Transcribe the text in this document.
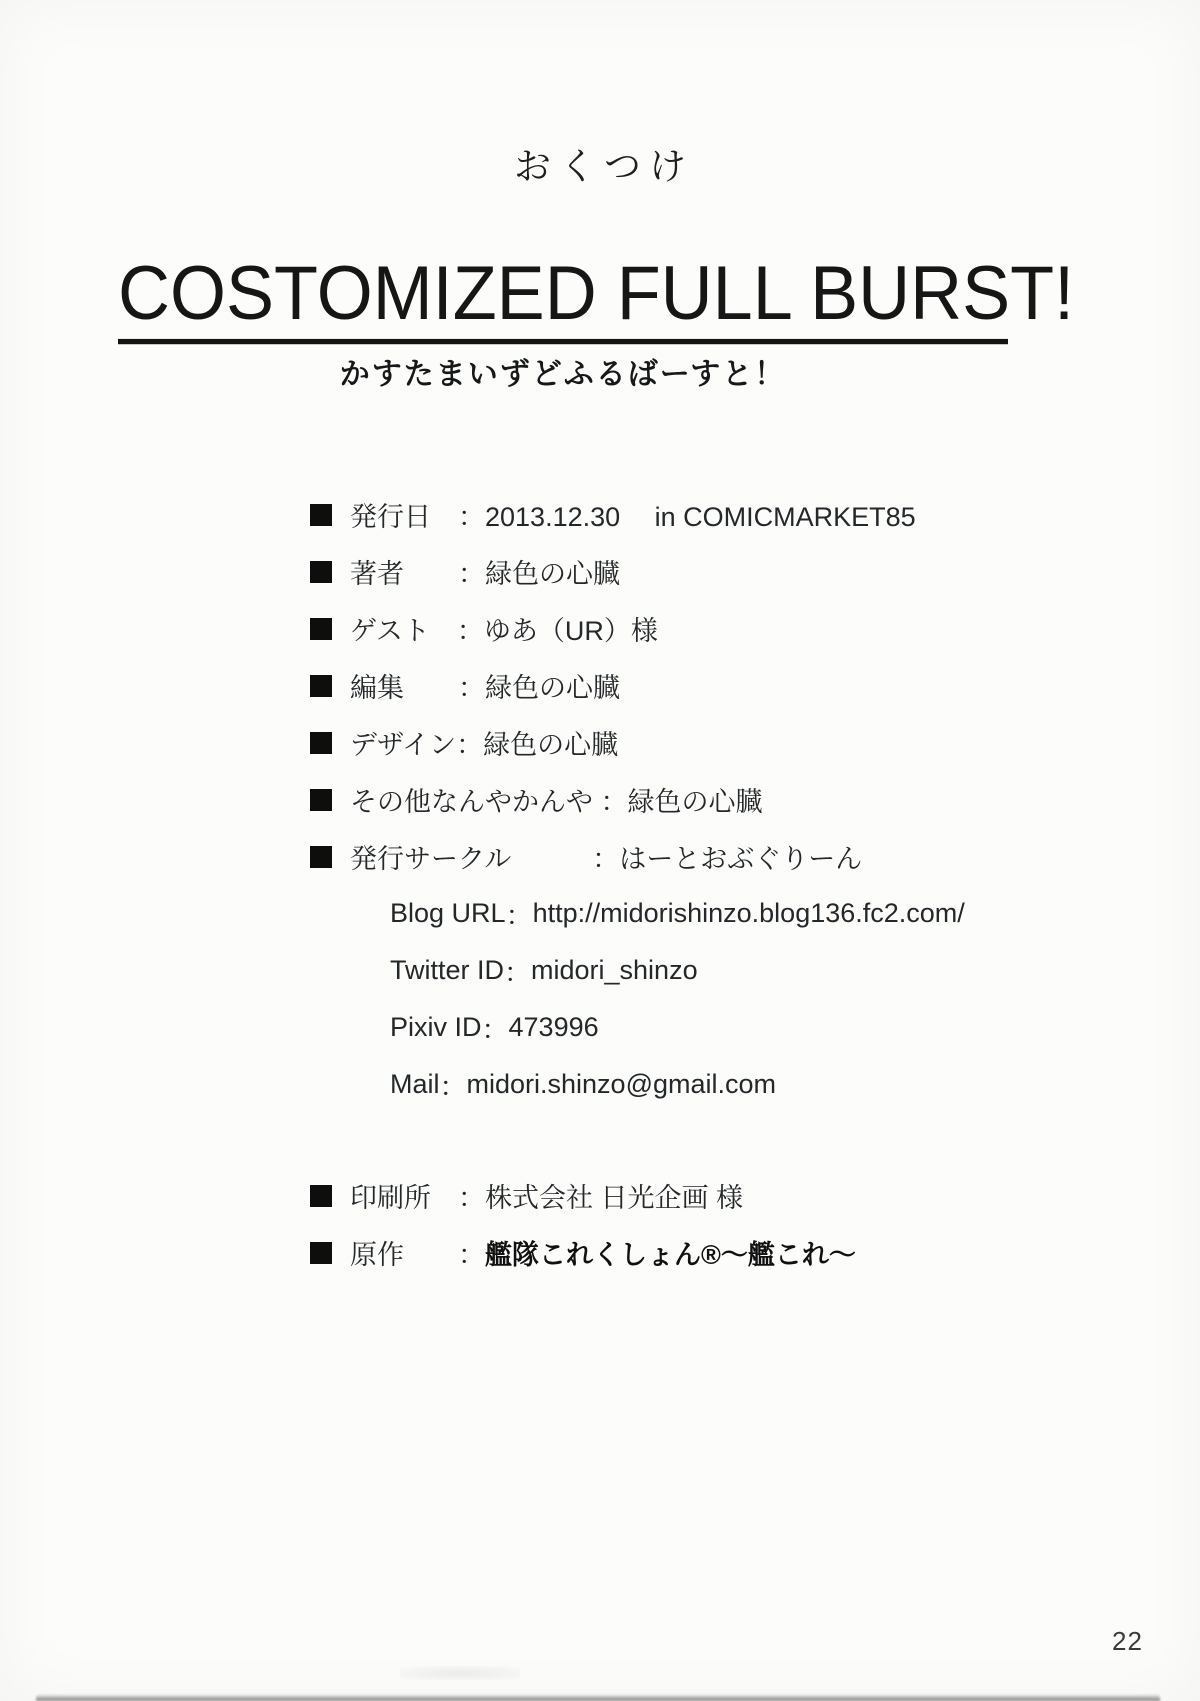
おくつけ
COSTOMIZED FULL BURST!
かすたまいずどふるばーすと！
発行日　 ： 2013.12.30　 in COMICMARKET85
著者　　 ： 緑色の心臓
ゲスト　 ： ゆあ（UR）様
編集　　 ： 緑色の心臓
デザイン ： 緑色の心臓
その他なんやかんや ： 緑色の心臓
発行サークル　　　 ： はーとおぶぐりーん
Blog URL ： http://midorishinzo.blog136.fc2.com/
Twitter ID ： midori_shinzo
Pixiv ID ： 473996
Mail ： midori.shinzo@gmail.com
印刷所　 ： 株式会社 日光企画 様
原作　　 ： 艦隊これくしょん®～艦これ～
22
